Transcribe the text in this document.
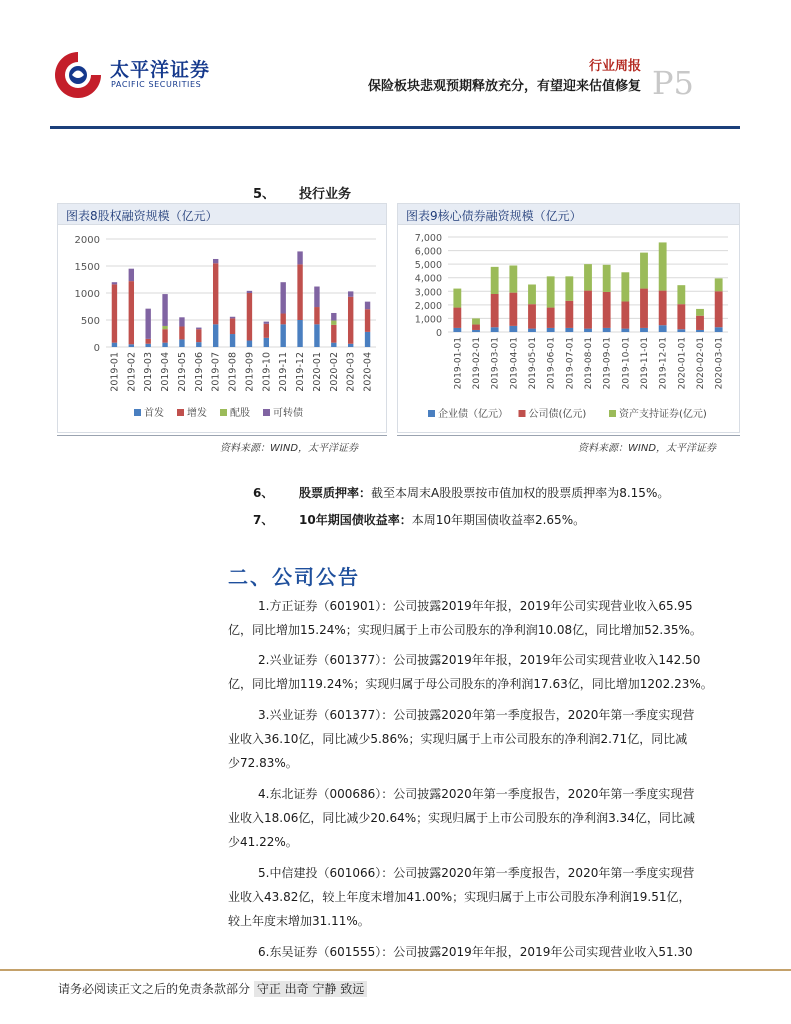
太平洋证券
PACIFIC SECURITIES
行业周报
保险板块悲观预期释放充分，有望迎来估值修复 P5
5、 投行业务
图表8股权融资规模（亿元）
0
500
1000
1500
2000
2019-01 2019-02 2019-03 2019-04 2019-05 2019-06 2019-07 2019-08 2019-09 2019-10 2019-11 2019-12 2020-01 2020-02 2020-03 2020-04
首发 增发 配股 可转债
图表9核心债券融资规模（亿元）
0
1,000
2,000
3,000
4,000
5,000
6,000
7,000
2019-01-01 2019-02-01 2019-03-01 2019-04-01 2019-05-01 2019-06-01 2019-07-01 2019-08-01 2019-09-01 2019-10-01 2019-11-01 2019-12-01 2020-01-01 2020-02-01 2020-03-01
企业债（亿元） 公司债(亿元)	资产支持证券(亿元)
资料来源：WIND，太平洋证券	资料来源：WIND，太平洋证券
6、 股票质押率：截至本周末A股股票按市值加权的股票质押率为8.15%。
7、 10年期国债收益率：本周10年期国债收益率2.65%。
二、公司公告
1.方正证券（601901）：公司披露2019年年报，2019年公司实现营业收入65.95
亿，同比增加15.24%；实现归属于上市公司股东的净利润10.08亿，同比增加52.35%。
2.兴业证券（601377）：公司披露2019年年报，2019年公司实现营业收入142.50
亿，同比增加119.24%；实现归属于母公司股东的净利润17.63亿，同比增加1202.23%。
3.兴业证券（601377）：公司披露2020年第一季度报告，2020年第一季度实现营
业收入36.10亿，同比减少5.86%；实现归属于上市公司股东的净利润2.71亿，同比减
少72.83%。
4.东北证券（000686）：公司披露2020年第一季度报告，2020年第一季度实现营
业收入18.06亿，同比减少20.64%；实现归属于上市公司股东的净利润3.34亿，同比减
少41.22%。
5.中信建投（601066）：公司披露2020年第一季度报告，2020年第一季度实现营
业收入43.82亿，较上年度末增加41.00%；实现归属于上市公司股东净利润19.51亿，
较上年度末增加31.11%。
6.东吴证券（601555）：公司披露2019年年报，2019年公司实现营业收入51.30
请务必阅读正文之后的免责条款部分 守正 出奇 宁静 致远
